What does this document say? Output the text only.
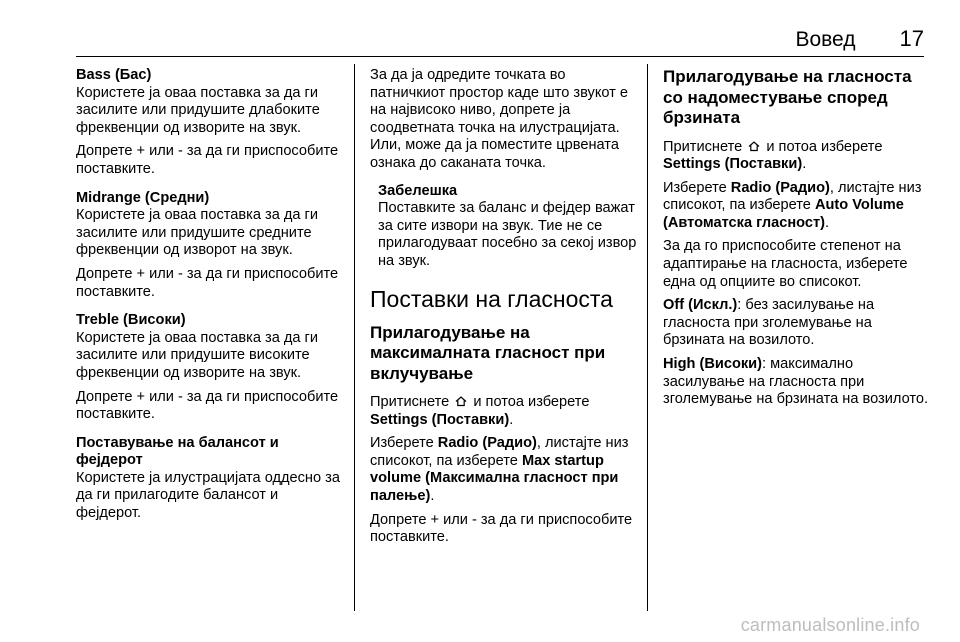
Вовед 17

Bass (Бас)

Користете ја оваа поставка за да ги засилите или придушите длабоките фреквенции од изворите на звук.

Допрете + или - за да ги приспособите поставките.

Midrange (Средни)

Користете ја оваа поставка за да ги засилите или придушите средните фреквенции од изворот на звук.

Допрете + или - за да ги приспособите поставките.

Treble (Високи)

Користете ја оваа поставка за да ги засилите или придушите високите фреквенции од изворите на звук.

Допрете + или - за да ги приспособите поставките.

Поставување на балансот и фејдерот

Користете ја илустрацијата оддесно за да ги прилагодите балансот и фејдерот.

За да ја одредите точката во патничкиот простор каде што звукот е на највисоко ниво, допрете ја соодветната точка на илустрацијата. Или, може да ја поместите црвената ознака до саканата точка.

Забелешка
Поставките за баланс и фејдер важат за сите извори на звук. Тие не се прилагодуваат посебно за секој извор на звук.

Поставки на гласноста

Прилагодување на максималната гласност при вклучување

Притиснете и потоа изберете Settings (Поставки).

Изберете Radio (Радио), листајте низ списокот, па изберете Max startup volume (Максимална гласност при палење).

Допрете + или - за да ги приспособите поставките.

Прилагодување на гласноста со надоместување според брзината

Притиснете и потоа изберете Settings (Поставки).

Изберете Radio (Радио), листајте низ списокот, па изберете Auto Volume (Автоматска гласност).

За да го приспособите степенот на адаптирање на гласноста, изберете една од опциите во списокот.

Off (Искл.): без засилување на гласноста при зголемување на брзината на возилото.

High (Високи): максимално засилување на гласноста при зголемување на брзината на возилото.

carmanualsonline.info
